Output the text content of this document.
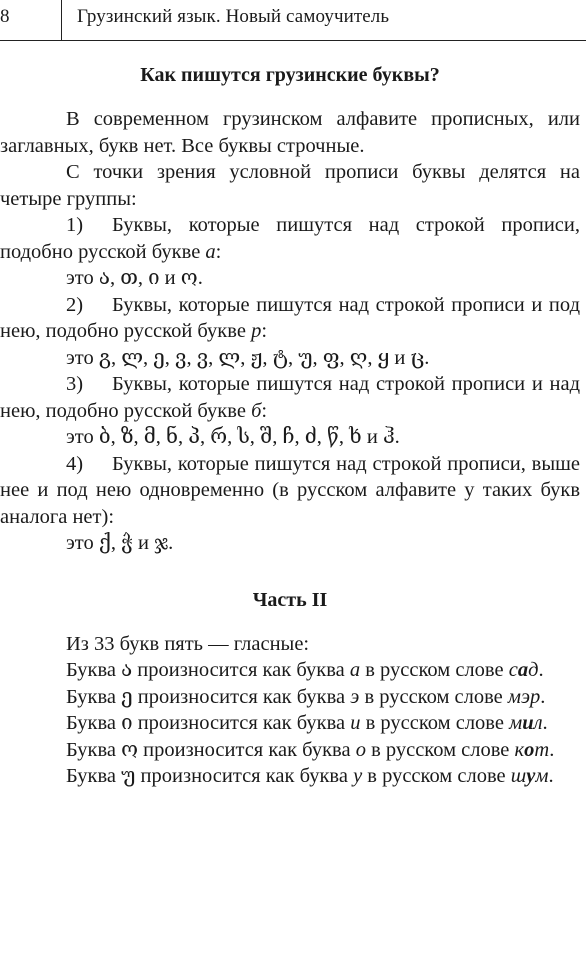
8	Грузинский язык. Новый самоучитель
Как пишутся грузинские буквы?

В современном грузинском алфавите прописных, или заглавных, букв нет. Все буквы строчные.

С точки зрения условной прописи буквы делятся на четыре группы:

1) Буквы, которые пишутся над строкой прописи, подобно русской букве а:

это ა, თ, ი и ო.

2) Буквы, которые пишутся над строкой прописи и под нею, подобно русской букве р:

это გ, ლ, ე, ვ, ვ, ლ, ჟ, ტ, უ, ფ, ღ, ყ и ც.

3) Буквы, которые пишутся над строкой прописи и над нею, подобно русской букве б:

это ბ, ზ, მ, ნ, პ, რ, ს, შ, ჩ, ძ, წ, ხ и ჰ.

4) Буквы, которые пишутся над строкой прописи, выше нее и под нею одновременно (в русском алфавите у таких букв аналога нет):

это ქ, ჭ и ჯ.

Часть II

Из 33 букв пять — гласные:

Буква ა произносится как буква а в русском слове сад.

Буква ე произносится как буква э в русском слове мэр.

Буква ი произносится как буква и в русском слове мил.

Буква ო произносится как буква о в русском слове кот.

Буква უ произносится как буква у в русском слове шум.
